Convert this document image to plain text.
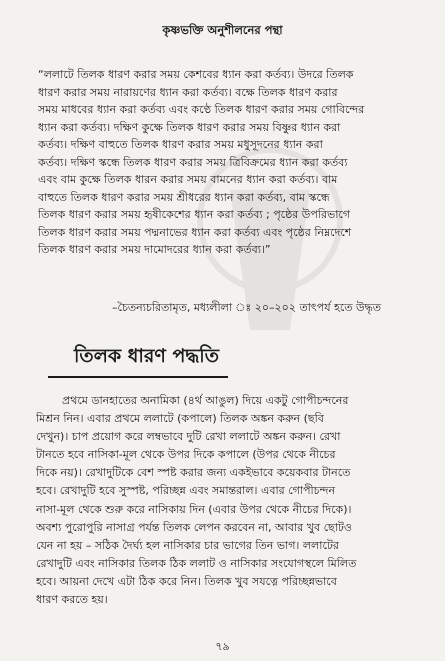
কৃষ্ণভক্তি অনুশীলনের পন্থা
“ললাটে তিলক ধারণ করার সময় কেশবের ধ্যান করা কর্তব্য। উদরে তিলক
ধারণ করার সময় নারায়ণের ধ্যান করা কর্তব্য। বক্ষে তিলক ধারণ করার
সময় মাধবের ধ্যান করা কর্তব্য এবং কণ্ঠে তিলক ধারণ করার সময় গোবিন্দের
ধ্যান করা কর্তব্য। দক্ষিণ কুক্ষে তিলক ধারণ করার সময় বিষ্ণুর ধ্যান করা
কর্তব্য। দক্ষিণ বাহুতে তিলক ধারণ করার সময় মধুসূদনের ধ্যান করা
কর্তব্য। দক্ষিণ স্কন্ধে তিলক ধারণ করার সময় ত্রিবিক্রমের ধ্যান করা কর্তব্য
এবং বাম কুক্ষে তিলক ধারন করার সময় বামনের ধ্যান করা কর্তব্য। বাম
বাহুতে তিলক ধারণ করার সময় শ্রীধরের ধ্যান করা কর্তব্য, বাম স্কন্ধে
তিলক ধারণ করার সময় হৃষীকেশের ধ্যান করা কর্তব্য ; পৃষ্ঠের উপরিভাগে
তিলক ধারণ করার সময় পদ্মনাভের ধ্যান করা কর্তব্য এবং পৃষ্ঠের নিম্নদেশে
তিলক ধারণ করার সময় দামোদরের ধ্যান করা কর্তব্য।”
–চৈতন্যচরিতামৃত, মধ্যলীলা ঃ ২০–২০২ তাৎপর্য হতে উদ্ধৃত
তিলক ধারণ পদ্ধতি
প্রথমে ডানহাতের অনামিকা (৪র্থ আঙুল) দিয়ে একটু গোপীচন্দনের
মিশ্রন নিন। এবার প্রথমে ললাটে (কপালে) তিলক অঙ্কন করুন (ছবি
দেখুন)। চাপ প্রয়োগ করে লম্বভাবে দুটি রেখা ললাটে অঙ্কন করুন। রেখা
টানতে হবে নাসিকা-মূল থেকে উপর দিকে কপালে (উপর থেকে নীচের
দিকে নয়)। রেখাদুটিকে বেশ স্পষ্ট করার জন্য একইভাবে কয়েকবার টানতে
হবে। রেখাদুটি হবে সুস্পষ্ট, পরিচ্ছন্ন এবং সমান্তরাল। এবার গোপীচন্দন
নাসা-মূল থেকে শুরু করে নাসিকায় দিন (এবার উপর থেকে নীচের দিকে)।
অবশ্য পুরোপুরি নাসাগ্র পর্যন্ত তিলক লেপন করবেন না, আবার খুব ছোটও
যেন না হয় – সঠিক দৈর্ঘ্য হল নাসিকার চার ভাগের তিন ভাগ। ললাটের
রেখাদুটি এবং নাসিকার তিলক ঠিক ললাট ও নাসিকার সংযোগস্থলে মিলিত
হবে। আয়না দেখে এটা ঠিক করে নিন। তিলক খুব সযত্নে পরিচ্ছন্নভাবে
ধারণ করতে হয়।
৭৯
